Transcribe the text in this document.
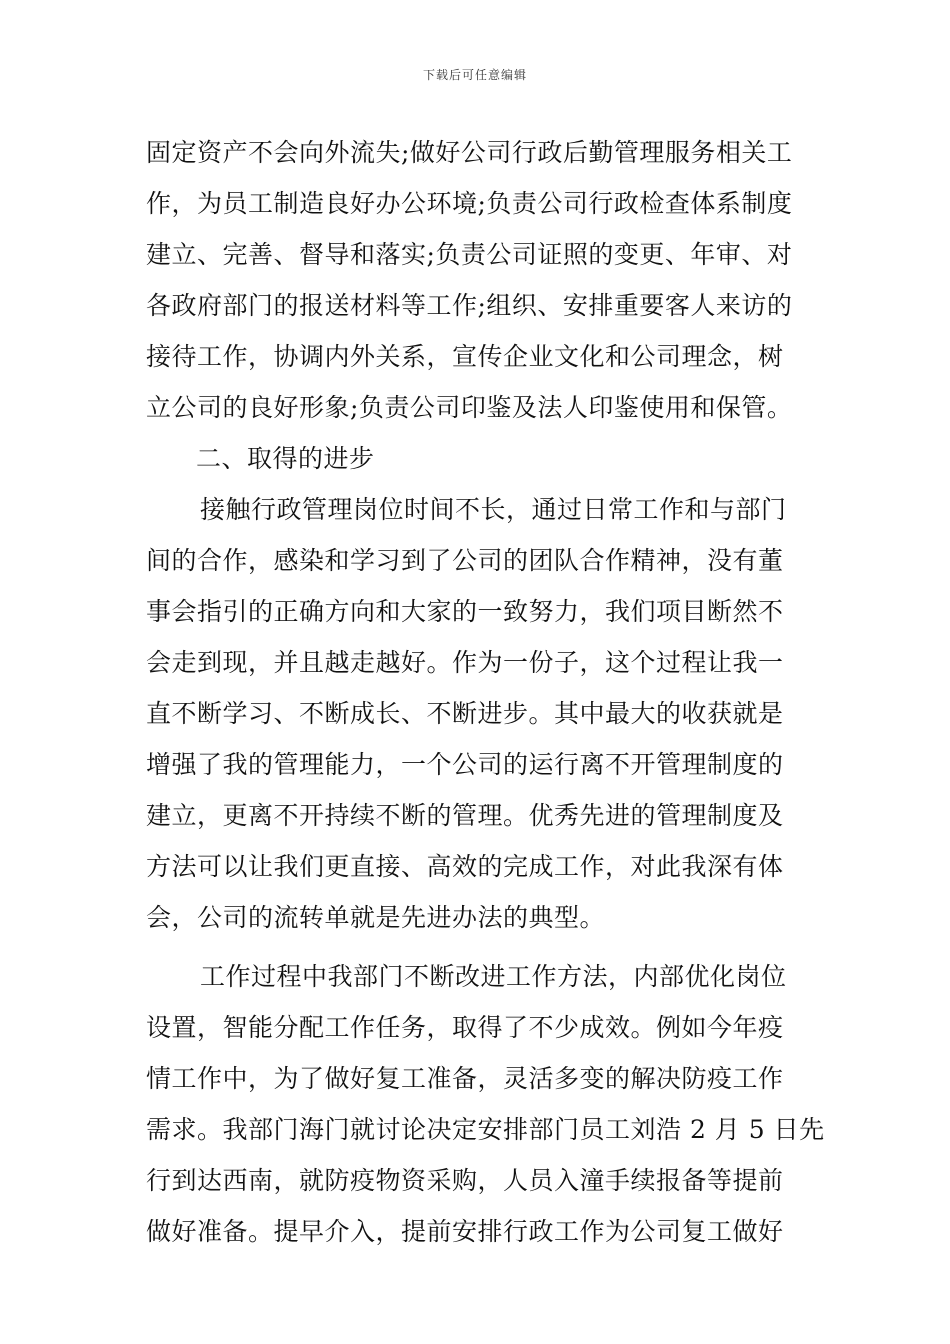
下载后可任意编辑
固定资产不会向外流失;做好公司行政后勤管理服务相关工
作，为员工制造良好办公环境;负责公司行政检查体系制度
建立、完善、督导和落实;负责公司证照的变更、年审、对
各政府部门的报送材料等工作;组织、安排重要客人来访的
接待工作，协调内外关系，宣传企业文化和公司理念，树
立公司的良好形象;负责公司印鉴及法人印鉴使用和保管。
二、取得的进步
接触行政管理岗位时间不长，通过日常工作和与部门
间的合作，感染和学习到了公司的团队合作精神，没有董
事会指引的正确方向和大家的一致努力，我们项目断然不
会走到现，并且越走越好。作为一份子，这个过程让我一
直不断学习、不断成长、不断进步。其中最大的收获就是
增强了我的管理能力，一个公司的运行离不开管理制度的
建立，更离不开持续不断的管理。优秀先进的管理制度及
方法可以让我们更直接、高效的完成工作，对此我深有体
会，公司的流转单就是先进办法的典型。
工作过程中我部门不断改进工作方法，内部优化岗位
设置，智能分配工作任务，取得了不少成效。例如今年疫
情工作中，为了做好复工准备，灵活多变的解决防疫工作
需求。我部门海门就讨论决定安排部门员工刘浩 2 月 5 日先
行到达西南，就防疫物资采购，人员入潼手续报备等提前
做好准备。提早介入，提前安排行政工作为公司复工做好
